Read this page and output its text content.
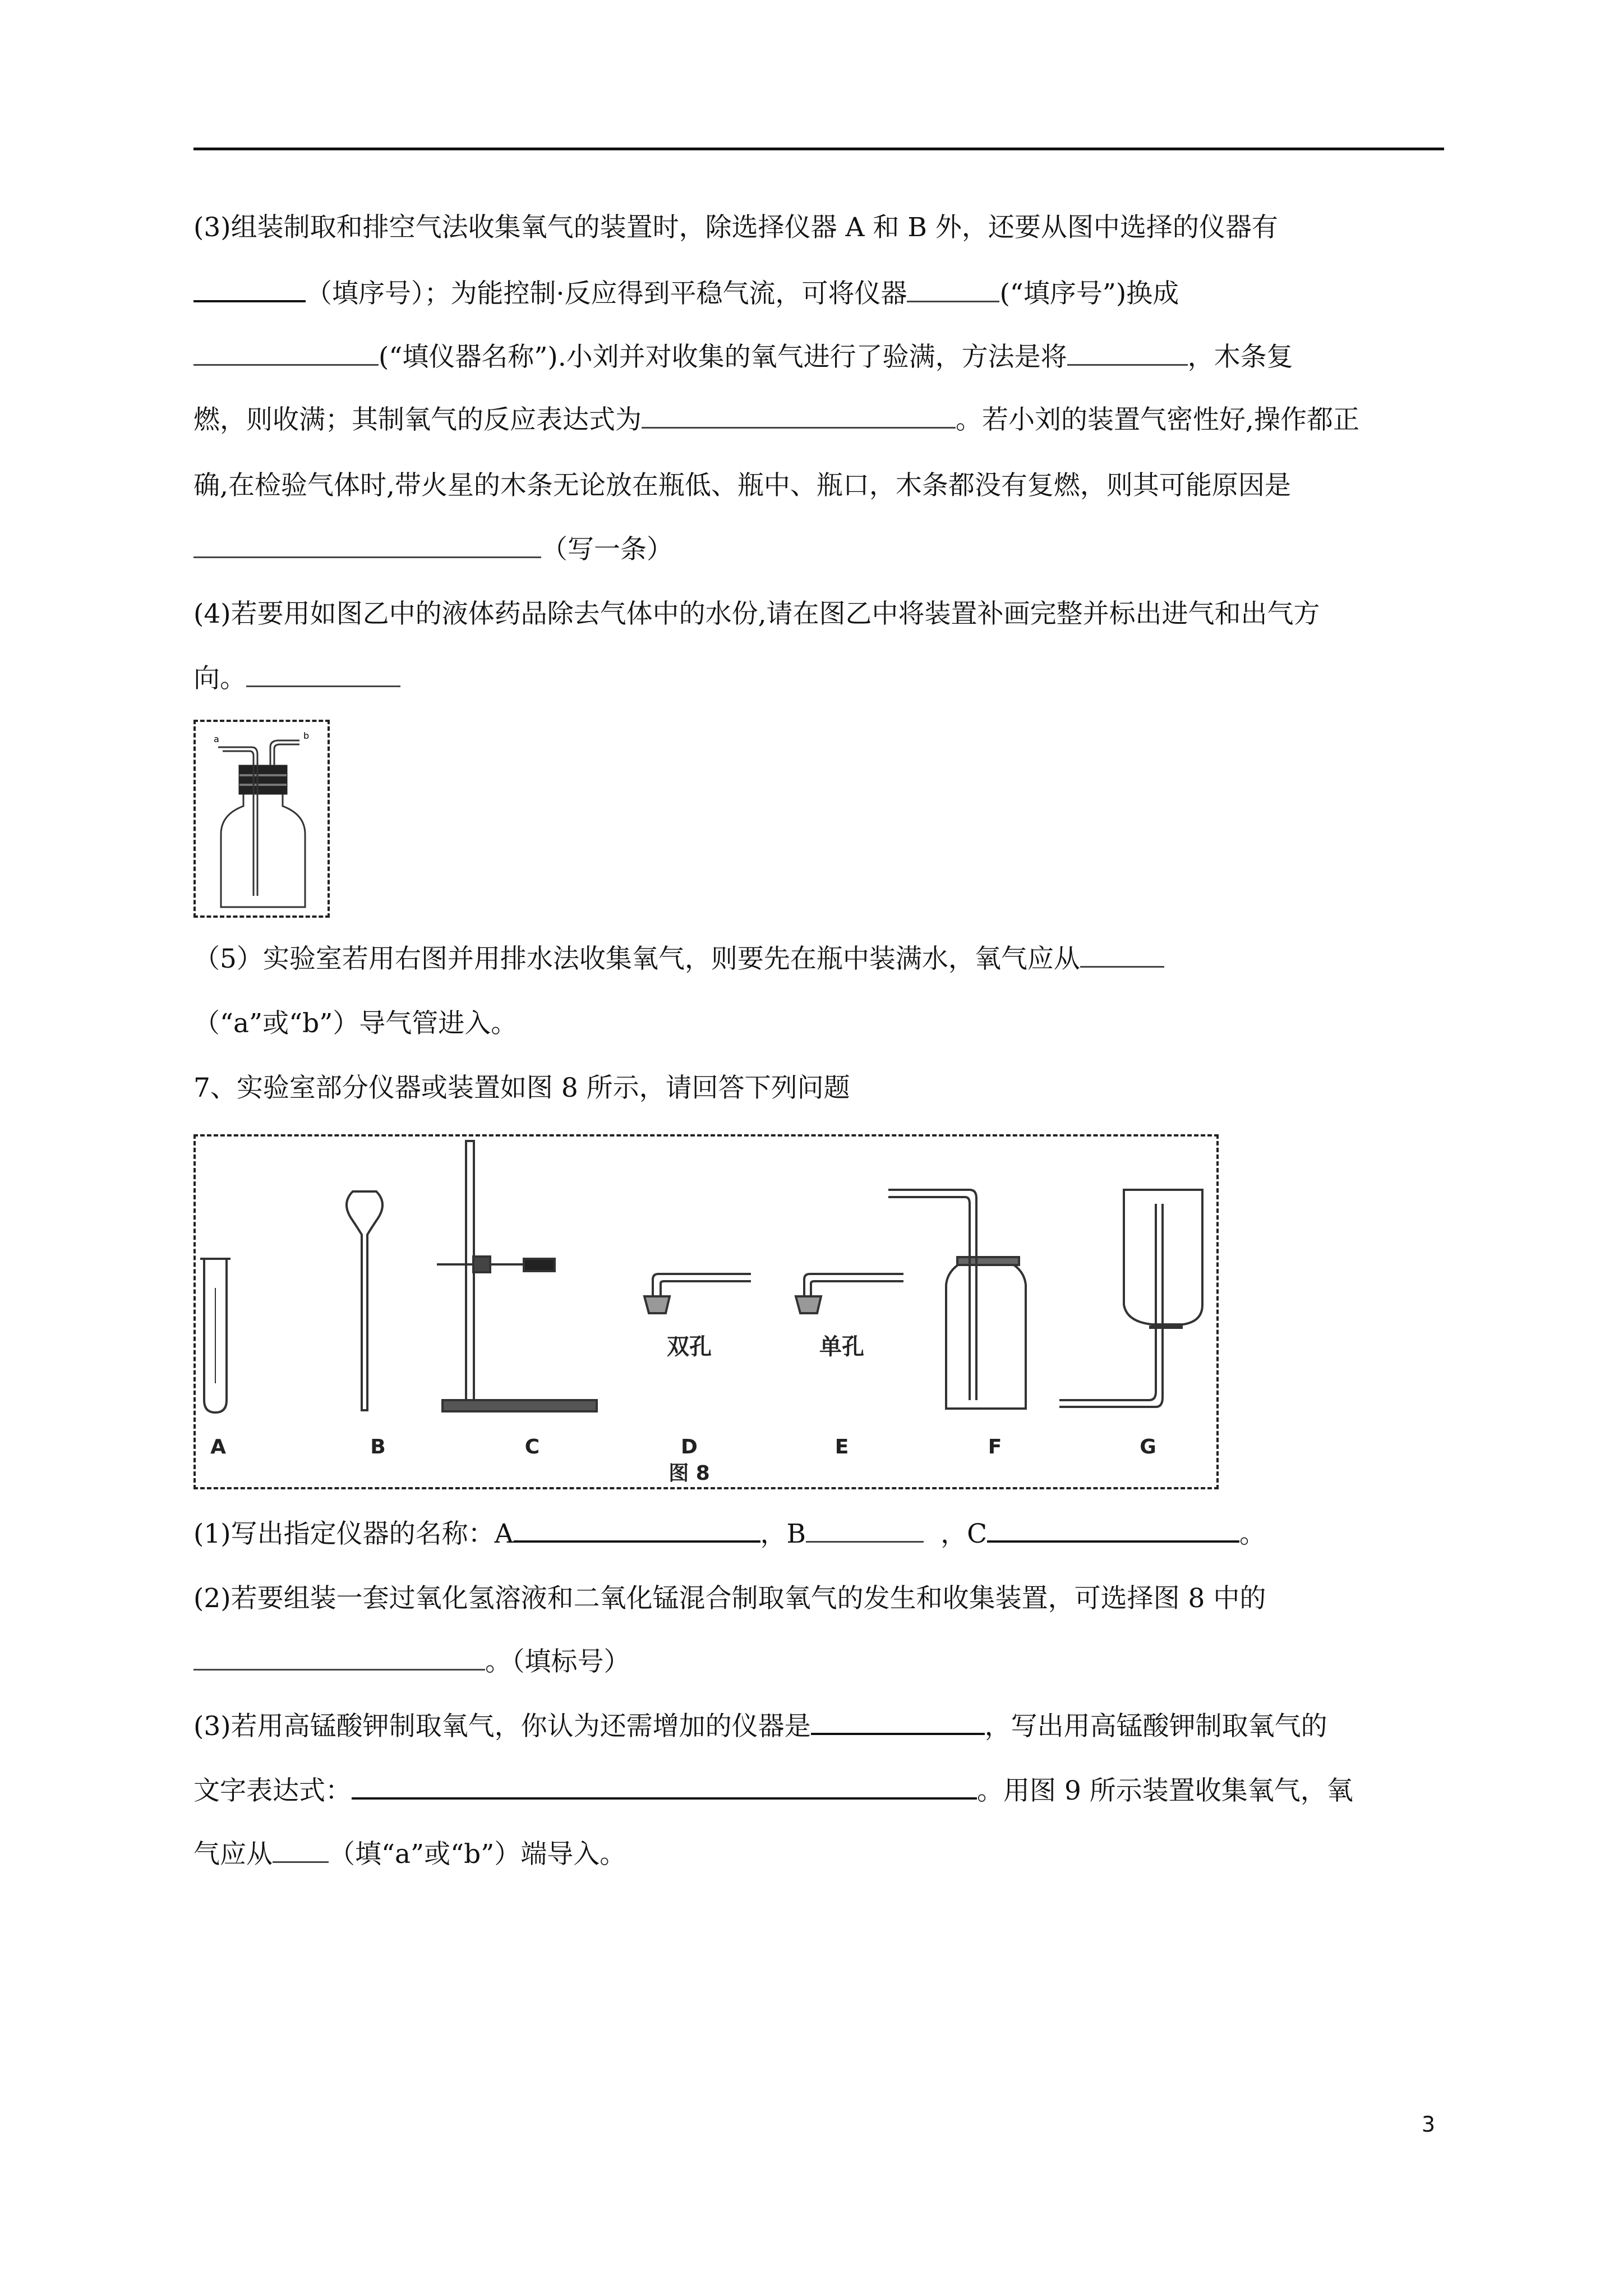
(3)组装制取和排空气法收集氧气的装置时，除选择仪器 A 和 B 外，还要从图中选择的仪器有
（填序号）；为能控制·反应得到平稳气流，可将仪器	(“填序号”)换成
(“填仪器名称”).小刘并对收集的氧气进行了验满，方法是将	，木条复
燃，则收满；其制氧气的反应表达式为	。若小刘的装置气密性好,操作都正
确,在检验气体时,带火星的木条无论放在瓶低、瓶中、瓶口，木条都没有复燃，则其可能原因是
（写一条）
(4)若要用如图乙中的液体药品除去气体中的水份,请在图乙中将装置补画完整并标出进气和出气方
向。
a	b
（5）实验室若用右图并用排水法收集氧气，则要先在瓶中装满水，氧气应从
（“a”或“b”）导气管进入。
7、实验室部分仪器或装置如图 8 所示，请回答下列问题
A	B	C	D	E	F	G
双孔	单孔
图 8
(1)写出指定仪器的名称：A	，B	，C	。
(2)若要组装一套过氧化氢溶液和二氧化锰混合制取氧气的发生和收集装置，可选择图 8 中的
。（填标号）
(3)若用高锰酸钾制取氧气，你认为还需增加的仪器是	，写出用高锰酸钾制取氧气的
文字表达式：	。用图 9 所示装置收集氧气，氧
气应从 （填“a”或“b”）端导入。
3
